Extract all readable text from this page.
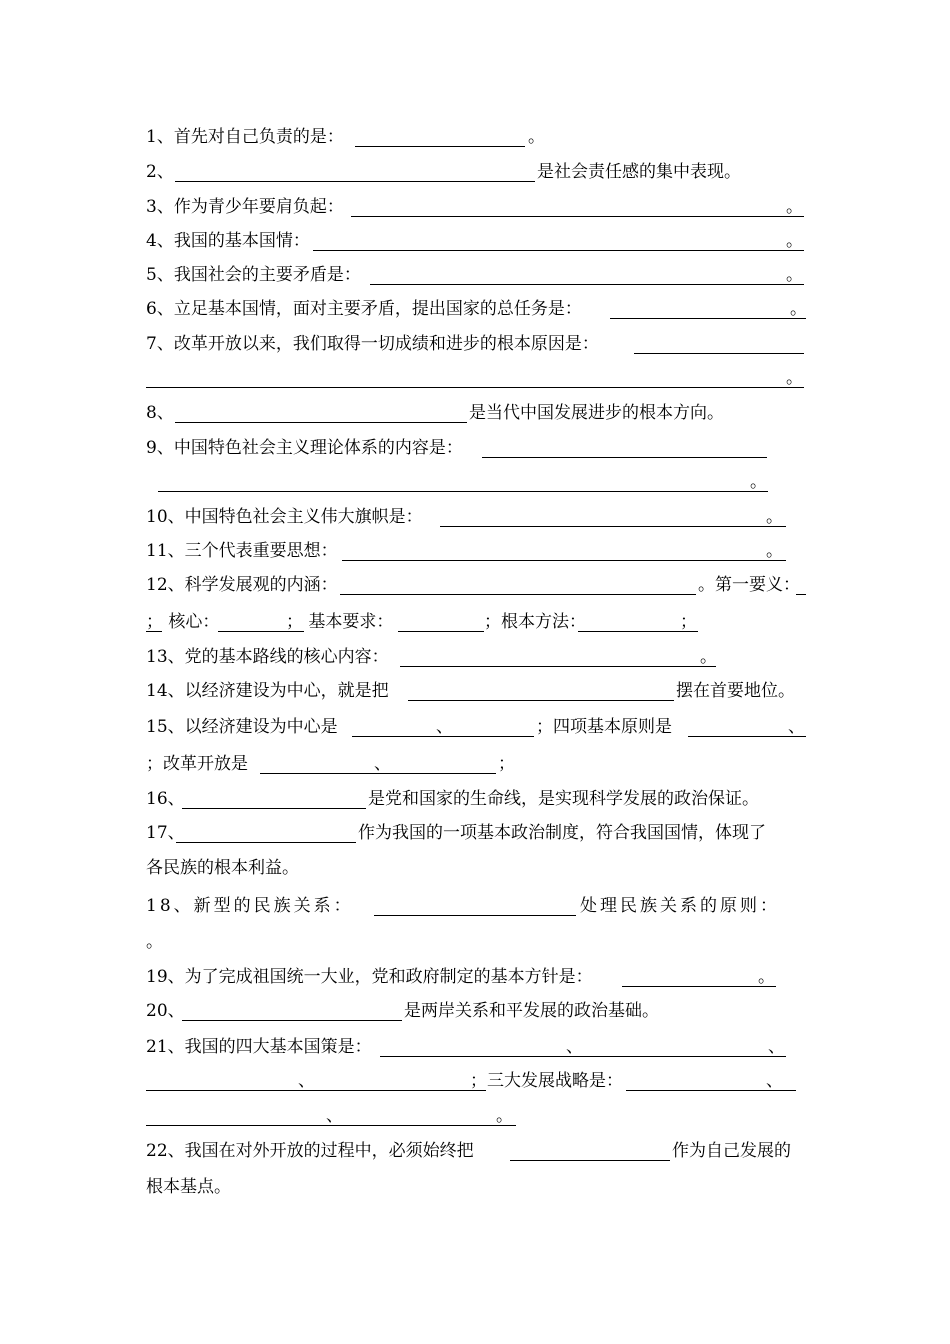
1、首先对自己负责的是：	。
2、	是社会责任感的集中表现。
3、作为青少年要肩负起：	。
4、我国的基本国情：	。
5、我国社会的主要矛盾是：	。
6、立足基本国情，面对主要矛盾，提出国家的总任务是：	。
7、改革开放以来，我们取得一切成绩和进步的根本原因是：
。
8、	是当代中国发展进步的根本方向。
9、中国特色社会主义理论体系的内容是：
。
10、中国特色社会主义伟大旗帜是：	。
11、三个代表重要思想：	。
12、科学发展观的内涵：	。第一要义：
； 核心：	； 基本要求：	；根本方法：	；
13、党的基本路线的核心内容：	。
14、以经济建设为中心，就是把	摆在首要地位。
15、以经济建设为中心是	、	；四项基本原则是	、
；改革开放是	、	；
16、	是党和国家的生命线，是实现科学发展的政治保证。
17、	作为我国的一项基本政治制度，符合我国国情，体现了
各民族的根本利益。
18、新型的民族关系：	处理民族关系的原则：
。
19、为了完成祖国统一大业，党和政府制定的基本方针是：	。
20、	是两岸关系和平发展的政治基础。
21、我国的四大基本国策是：	、	、
、	；三大发展战略是：	、
、	。
22、我国在对外开放的过程中，必须始终把	作为自己发展的
根本基点。
